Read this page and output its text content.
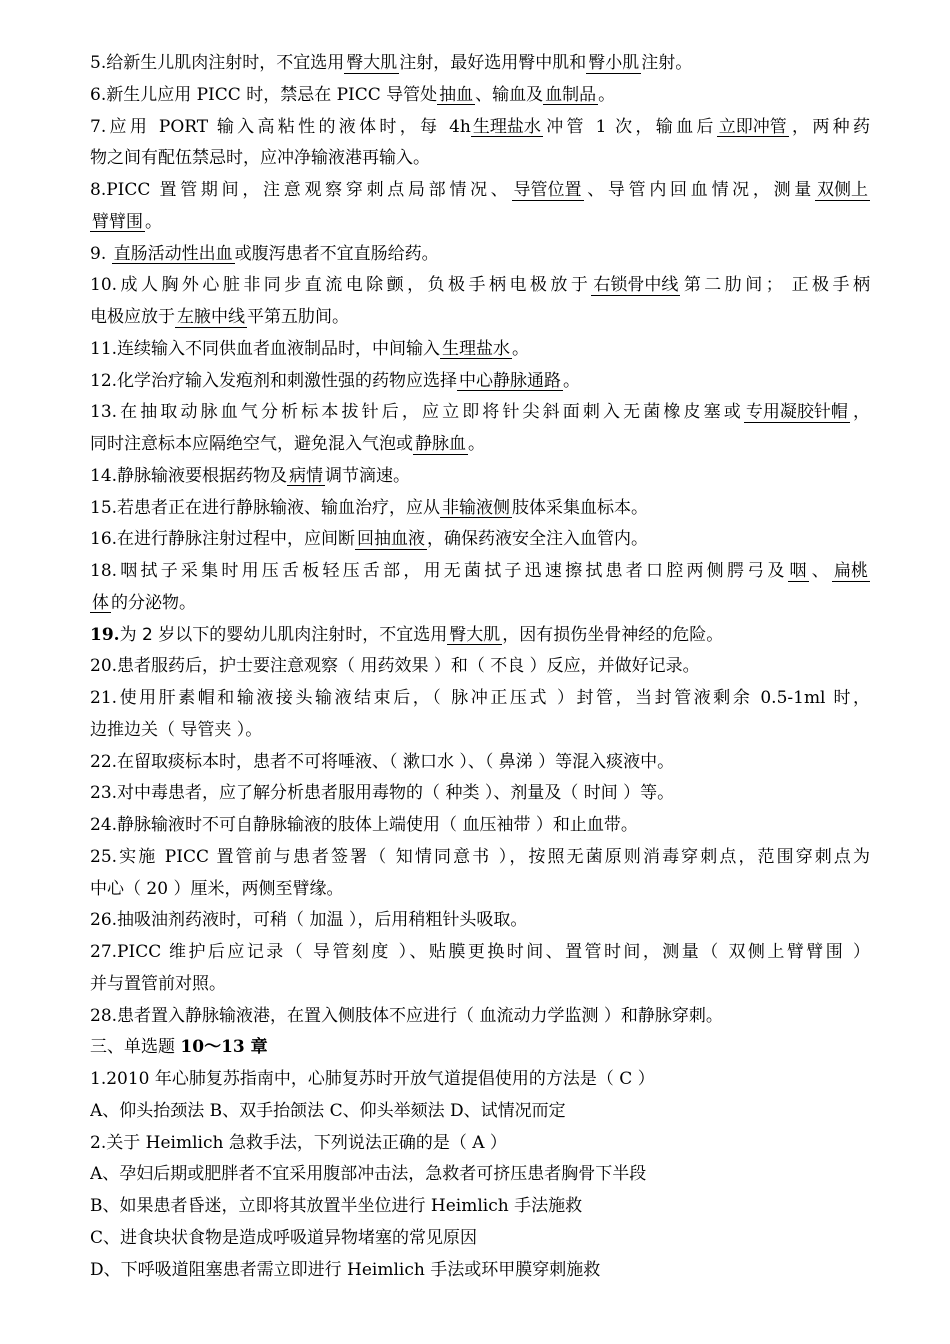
5.给新生儿肌肉注射时，不宜选用臀大肌注射，最好选用臀中肌和臀小肌注射。
6.新生儿应用 PICC 时，禁忌在 PICC 导管处抽血、输血及血制品。
7.应用 PORT 输入高粘性的液体时，每 4h生理盐水冲管 1 次，输血后立即冲管，两种药
物之间有配伍禁忌时，应冲净输液港再输入。
8.PICC 置管期间，注意观察穿刺点局部情况、导管位置、导管内回血情况，测量双侧上
臂臂围。
9. 直肠活动性出血或腹泻患者不宜直肠给药。
10.成人胸外心脏非同步直流电除颤，负极手柄电极放于右锁骨中线第二肋间； 正极手柄
电极应放于左腋中线平第五肋间。
11.连续输入不同供血者血液制品时，中间输入生理盐水。
12.化学治疗输入发疱剂和刺激性强的药物应选择中心静脉通路。
13.在抽取动脉血气分析标本拔针后，应立即将针尖斜面刺入无菌橡皮塞或专用凝胶针帽，
同时注意标本应隔绝空气，避免混入气泡或静脉血。
14.静脉输液要根据药物及病情调节滴速。
15.若患者正在进行静脉输液、输血治疗，应从非输液侧肢体采集血标本。
16.在进行静脉注射过程中，应间断回抽血液，确保药液安全注入血管内。
18.咽拭子采集时用压舌板轻压舌部，用无菌拭子迅速擦拭患者口腔两侧腭弓及咽、扁桃
体的分泌物。
19.为 2 岁以下的婴幼儿肌肉注射时，不宜选用臀大肌，因有损伤坐骨神经的危险。
20.患者服药后，护士要注意观察（ 用药效果 ）和（ 不良 ）反应，并做好记录。
21.使用肝素帽和输液接头输液结束后，（ 脉冲正压式 ）封管，当封管液剩余 0.5-1ml 时，
边推边关（ 导管夹 ）。
22.在留取痰标本时，患者不可将唾液、（ 漱口水 ）、（ 鼻涕 ）等混入痰液中。
23.对中毒患者，应了解分析患者服用毒物的（ 种类 ）、剂量及（ 时间 ）等。
24.静脉输液时不可自静脉输液的肢体上端使用（ 血压袖带 ）和止血带。
25.实施 PICC 置管前与患者签署（ 知情同意书 ），按照无菌原则消毒穿刺点，范围穿刺点为
中心（ 20 ）厘米，两侧至臂缘。
26.抽吸油剂药液时，可稍（ 加温 ），后用稍粗针头吸取。
27.PICC 维护后应记录（ 导管刻度 ）、贴膜更换时间、置管时间，测量（ 双侧上臂臂围 ）
并与置管前对照。
28.患者置入静脉输液港，在置入侧肢体不应进行（ 血流动力学监测 ）和静脉穿刺。
三、单选题 10～13 章
1.2010 年心肺复苏指南中，心肺复苏时开放气道提倡使用的方法是（ C ）
A、仰头抬颈法 B、双手抬颌法 C、仰头举颏法 D、试情况而定
2.关于 Heimlich 急救手法，下列说法正确的是（ A ）
A、孕妇后期或肥胖者不宜采用腹部冲击法，急救者可挤压患者胸骨下半段
B、如果患者昏迷，立即将其放置半坐位进行 Heimlich 手法施救
C、进食块状食物是造成呼吸道异物堵塞的常见原因
D、下呼吸道阻塞患者需立即进行 Heimlich 手法或环甲膜穿刺施救
